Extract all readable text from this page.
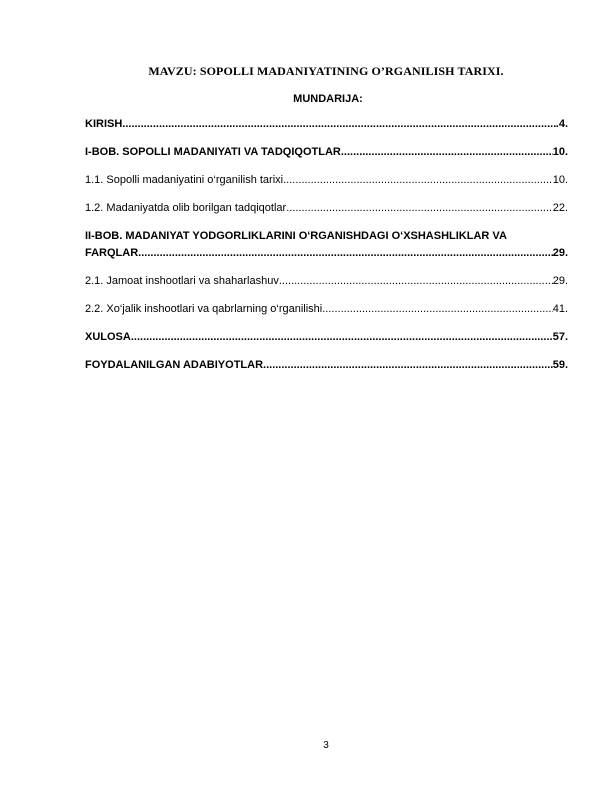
MAVZU: SOPOLLI MADANIYATINING O’RGANILISH TARIXI.
MUNDARIJA:
KIRISH .....	.4.
I-BOB. SOPOLLI MADANIYATI VA TADQIQOTLAR .....	10.
1.1. Sopolli madaniyatini o‘rganilish tarixi .....	10.
1.2. Madaniyatda olib borilgan tadqiqotlar .....	22.
II-BOB. MADANIYAT YODGORLIKLARINI O‘RGANISHDAGI O‘XSHASHLIKLAR VA
FARQLAR .....	29.
2.1. Jamoat inshootlari va shaharlashuv .....	29.
2.2. Xo‘jalik inshootlari va qabrlarning o‘rganilishi .....	41.
XULOSA .....	57.
FOYDALANILGAN ADABIYOTLAR .....	59.
3
